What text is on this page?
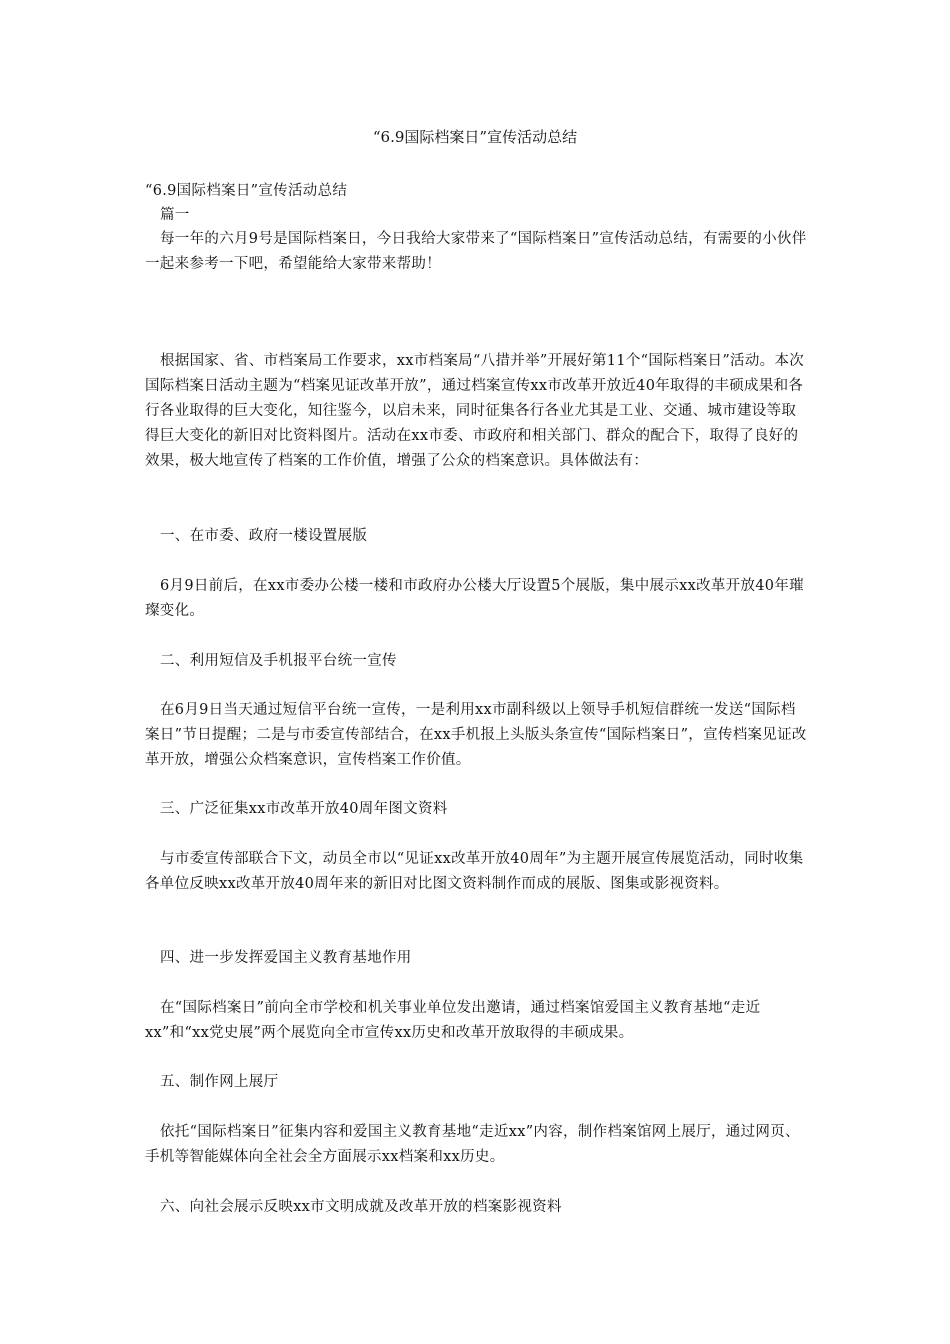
“6.9国际档案日”宣传活动总结

“6.9国际档案日”宣传活动总结

篇一

每一年的六月9号是国际档案日，今日我给大家带来了“国际档案日”宣传活动总结，有需要的小伙伴一起来参考一下吧，希望能给大家带来帮助！

根据国家、省、市档案局工作要求，xx市档案局“八措并举”开展好第11个“国际档案日”活动。本次国际档案日活动主题为“档案见证改革开放”，通过档案宣传xx市改革开放近40年取得的丰硕成果和各行各业取得的巨大变化，知往鉴今，以启未来，同时征集各行各业尤其是工业、交通、城市建设等取得巨大变化的新旧对比资料图片。活动在xx市委、市政府和相关部门、群众的配合下，取得了良好的效果，极大地宣传了档案的工作价值，增强了公众的档案意识。具体做法有：

一、在市委、政府一楼设置展版

6月9日前后，在xx市委办公楼一楼和市政府办公楼大厅设置5个展版，集中展示xx改革开放40年璀璨变化。

二、利用短信及手机报平台统一宣传

在6月9日当天通过短信平台统一宣传，一是利用xx市副科级以上领导手机短信群统一发送“国际档案日”节日提醒；二是与市委宣传部结合，在xx手机报上头版头条宣传“国际档案日”，宣传档案见证改革开放，增强公众档案意识，宣传档案工作价值。

三、广泛征集xx市改革开放40周年图文资料

与市委宣传部联合下文，动员全市以“见证xx改革开放40周年”为主题开展宣传展览活动，同时收集各单位反映xx改革开放40周年来的新旧对比图文资料制作而成的展版、图集或影视资料。

四、进一步发挥爱国主义教育基地作用

在“国际档案日”前向全市学校和机关事业单位发出邀请，通过档案馆爱国主义教育基地“走近xx”和“xx党史展”两个展览向全市宣传xx历史和改革开放取得的丰硕成果。

五、制作网上展厅

依托“国际档案日”征集内容和爱国主义教育基地“走近xx”内容，制作档案馆网上展厅，通过网页、手机等智能媒体向全社会全方面展示xx档案和xx历史。

六、向社会展示反映xx市文明成就及改革开放的档案影视资料
